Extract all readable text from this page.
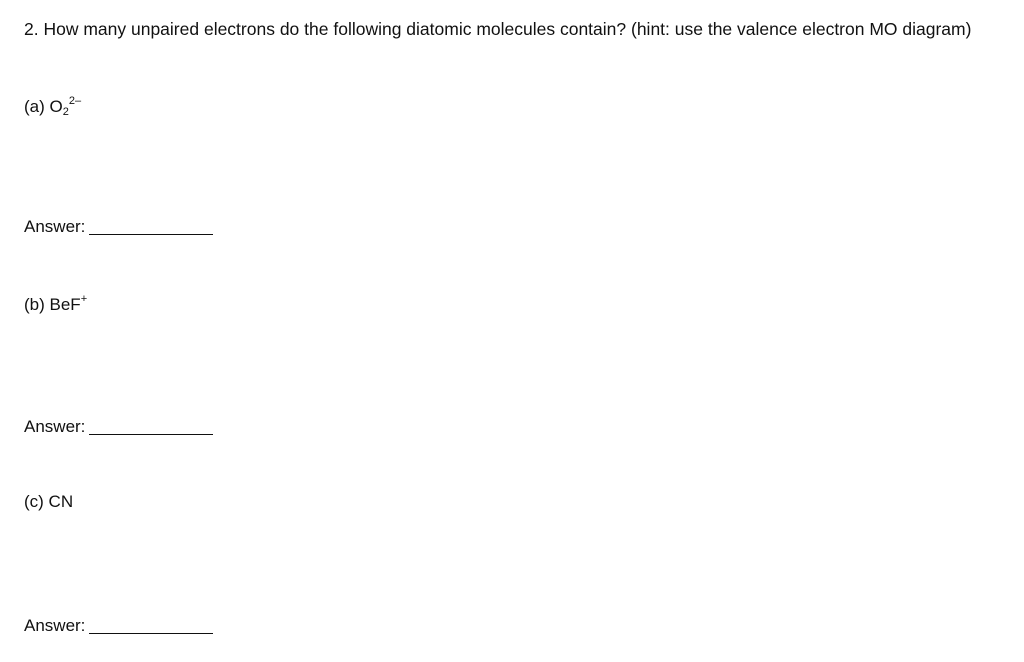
2. How many unpaired electrons do the following diatomic molecules contain? (hint: use the valence electron MO diagram)
(a) $O_2^{2-}$
Answer:
(b) BeF+
Answer:
(c) CN
Answer:
